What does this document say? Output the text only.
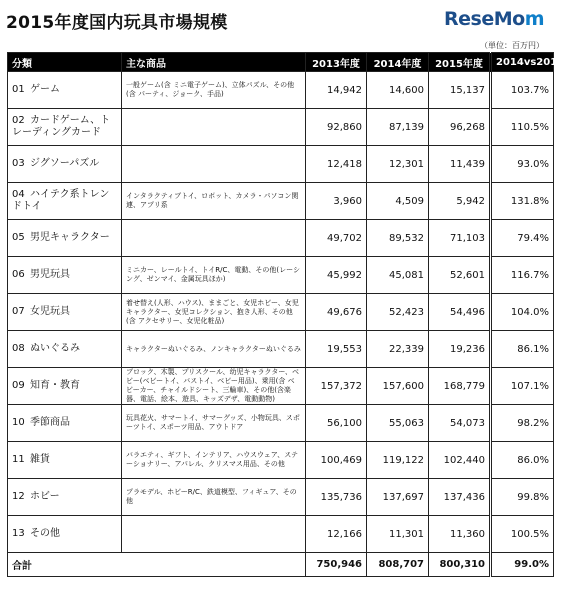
2015年度国内玩具市場規模	ReseMom
（単位：百万円）
分類	主な商品	2013年度	2014年度	2015年度	2014vs2015
01 ゲーム	一般ゲーム(含 ミニ電子ゲーム)、立体パズル、その他(含 パーティ、ジョーク、手品)	14,942	14,600	15,137	103.7%
02 カードゲーム、トレーディングカード		92,860	87,139	96,268	110.5%
03 ジグソーパズル		12,418	12,301	11,439	93.0%
04 ハイテク系トレンドトイ	インタラクティブトイ、ロボット、カメラ・パソコン関連、アプリ系	3,960	4,509	5,942	131.8%
05 男児キャラクター		49,702	89,532	71,103	79.4%
06 男児玩具	ミニカー、レールトイ、トイR/C、電動、その他(レーシング、ゼンマイ、金属玩具ほか)	45,992	45,081	52,601	116.7%
07 女児玩具	着せ替え(人形、ハウス)、ままごと、女児ホビー、女児キャラクター、女児コレクション、抱き人形、その他(含 アクセサリー、女児化粧品)	49,676	52,423	54,496	104.0%
08 ぬいぐるみ	キャラクターぬいぐるみ、ノンキャラクターぬいぐるみ	19,553	22,339	19,236	86.1%
09 知育・教育	ブロック、木製、プリスクール、幼児キャラクター、ベビー(ベビートイ、バストイ、ベビー用品)、乗用(含 ベビーカー、チャイルドシート、三輪車)、その他(含楽器、電話、絵本、遊具、キッズデザ、電動動物)	157,372	157,600	168,779	107.1%
10 季節商品	玩具花火、サマートイ、サマーグッズ、小物玩具、スポーツトイ、スポーツ用品、アウトドア	56,100	55,063	54,073	98.2%
11 雑貨	バラエティ、ギフト、インテリア、ハウスウェア、ステーショナリー、アパレル、クリスマス用品、その他	100,469	119,122	102,440	86.0%
12 ホビー	プラモデル、ホビーR/C、鉄道模型、フィギュア、その他	135,736	137,697	137,436	99.8%
13 その他		12,166	11,301	11,360	100.5%
合計		750,946	808,707	800,310	99.0%
